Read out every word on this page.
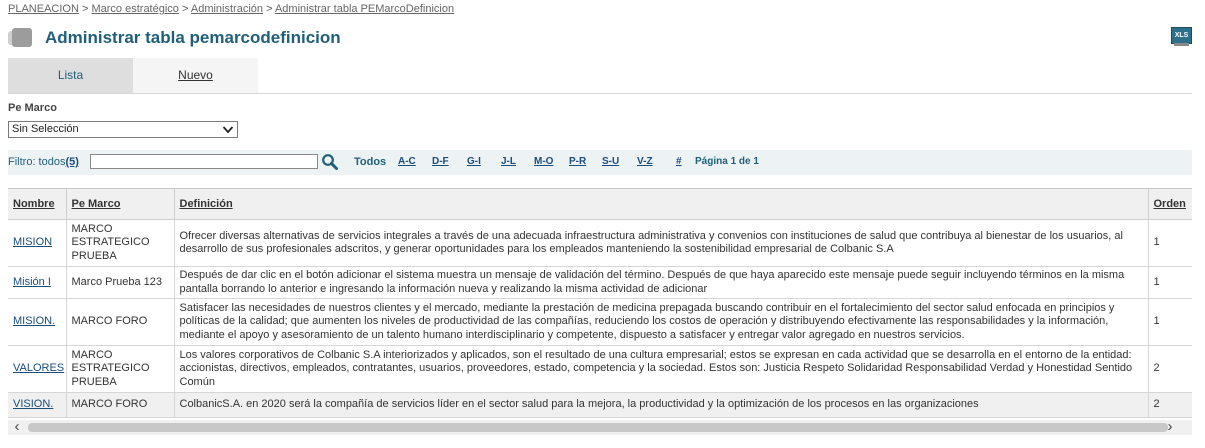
PLANEACION > Marco estratégico > Administración > Administrar tabla PEMarcoDefinicion
Administrar tabla pemarcodefinicion	XLS
Lista	Nuevo
Pe Marco
Sin Selección
Filtro: todos(5)	Todos A-C D-F G-I J-L M-O P-R S-U V-Z # Página 1 de 1
Nombre	Pe Marco	Definición	Orden
MISION	MARCO ESTRATEGICO PRUEBA	Ofrecer diversas alternativas de servicios integrales a través de una adecuada infraestructura administrativa y convenios con instituciones de salud que contribuya al bienestar de los usuarios, al desarrollo de sus profesionales adscritos, y generar oportunidades para los empleados manteniendo la sostenibilidad empresarial de Colbanic S.A	1
Misión I	Marco Prueba 123	Después de dar clic en el botón adicionar el sistema muestra un mensaje de validación del término. Después de que haya aparecido este mensaje puede seguir incluyendo términos en la misma pantalla borrando lo anterior e ingresando la información nueva y realizando la misma actividad de adicionar	1
MISION.	MARCO FORO	Satisfacer las necesidades de nuestros clientes y el mercado, mediante la prestación de medicina prepagada buscando contribuir en el fortalecimiento del sector salud enfocada en principios y políticas de la calidad; que aumenten los niveles de productividad de las compañías, reduciendo los costos de operación y distribuyendo efectivamente las responsabilidades y la información, mediante el apoyo y asesoramiento de un talento humano interdisciplinario y competente, dispuesto a satisfacer y entregar valor agregado en nuestros servicios.	1
VALORES	MARCO ESTRATEGICO PRUEBA	Los valores corporativos de Colbanic S.A interiorizados y aplicados, son el resultado de una cultura empresarial; estos se expresan en cada actividad que se desarrolla en el entorno de la entidad: accionistas, directivos, empleados, contratantes, usuarios, proveedores, estado, competencia y la sociedad. Estos son: Justicia Respeto Solidaridad Responsabilidad Verdad y Honestidad Sentido Común	2
VISION.	MARCO FORO	ColbanicS.A. en 2020 será la compañía de servicios líder en el sector salud para la mejora, la productividad y la optimización de los procesos en las organizaciones	2
‹	›
